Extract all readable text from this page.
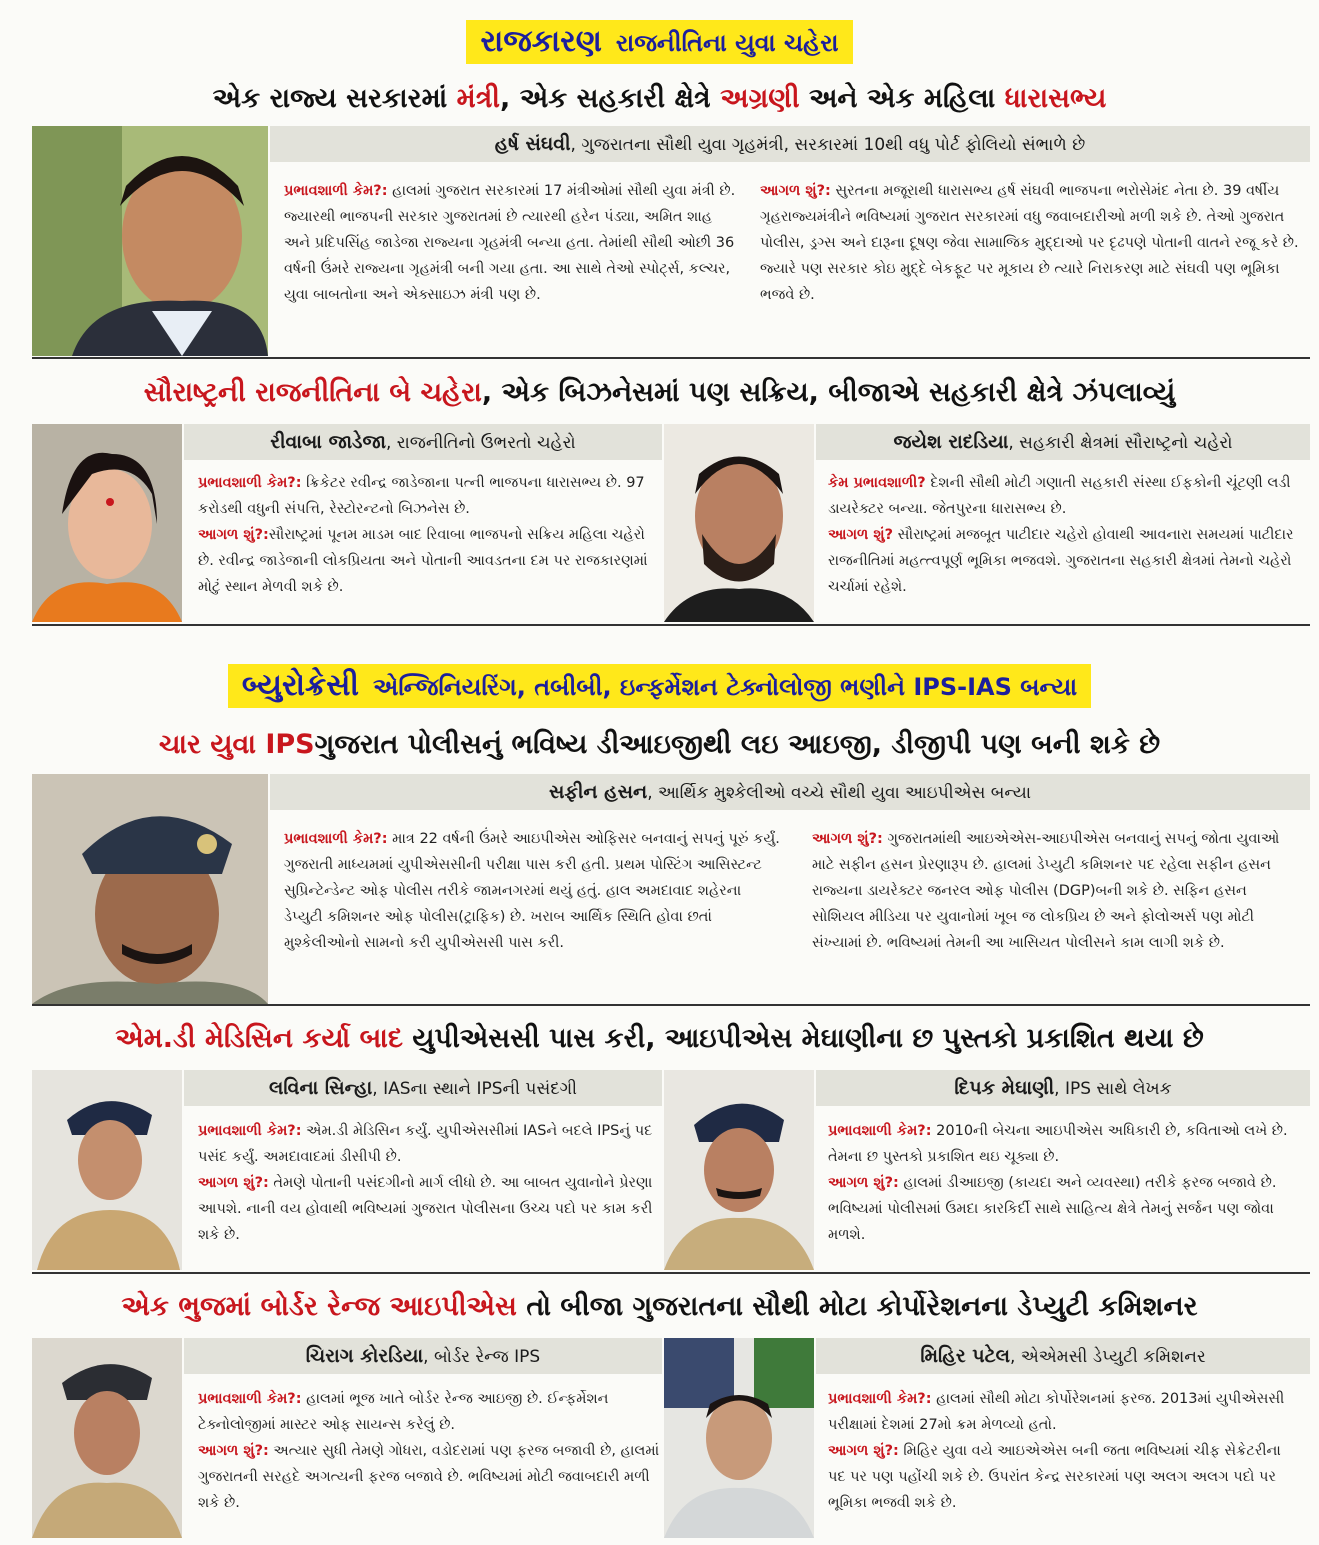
રાજકારણ રાજનીતિના યુવા ચહેરા
એક રાજ્ય સરકારમાં મંત્રી, એક સહકારી ક્ષેત્રે અગ્રણી અને એક મહિલા ધારાસભ્ય
હર્ષ સંઘવી, ગુજરાતના સૌથી યુવા ગૃહમંત્રી, સરકારમાં 10થી વધુ પોર્ટ ફોલિયો સંભાળે છે

પ્રભાવશાળી કેમ?: હાલમાં ગુજરાત સરકારમાં 17 મંત્રીઓમાં સૌથી યુવા મંત્રી છે. જ્યારથી ભાજપની સરકાર ગુજરાતમાં છે ત્યારથી હરેન પંડ્યા, અમિત શાહ અને પ્રદિપસિંહ જાડેજા રાજ્યના ગૃહમંત્રી બન્યા હતા. તેમાંથી સૌથી ઓછી 36 વર્ષની ઉંમરે રાજ્યના ગૃહમંત્રી બની ગયા હતા. આ સાથે તેઓ સ્પોર્ટ્સ, કલ્ચર, યુવા બાબતોના અને એક્સાઇઝ મંત્રી પણ છે.

આગળ શું?: સુરતના મજૂરાથી ધારાસભ્ય હર્ષ સંઘવી ભાજપના ભરોસેમંદ નેતા છે. 39 વર્ષીય ગૃહરાજ્યમંત્રીને ભવિષ્યમાં ગુજરાત સરકારમાં વધુ જવાબદારીઓ મળી શકે છે. તેઓ ગુજરાત પોલીસ, ડ્રગ્સ અને દારૂના દૂષણ જેવા સામાજિક મુદ્દાઓ પર દૃઢપણે પોતાની વાતને રજૂ કરે છે. જ્યારે પણ સરકાર કોઇ મુદ્દે બેકફૂટ પર મૂકાય છે ત્યારે નિરાકરણ માટે સંઘવી પણ ભૂમિકા ભજવે છે.

સૌરાષ્ટ્રની રાજનીતિના બે ચહેરા, એક બિઝનેસમાં પણ સક્રિય, બીજાએ સહકારી ક્ષેત્રે ઝંપલાવ્યું
રીવાબા જાડેજા, રાજનીતિનો ઉભરતો ચહેરો

પ્રભાવશાળી કેમ?: ક્રિકેટર રવીન્દ્ર જાડેજાના પત્ની ભાજપના ધારાસભ્ય છે. 97 કરોડથી વધુની સંપત્તિ, રેસ્ટોરન્ટનો બિઝનેસ છે.

આગળ શું?:સૌરાષ્ટ્રમાં પૂનમ માડમ બાદ રિવાબા ભાજપનો સક્રિય મહિલા ચહેરો છે. રવીન્દ્ર જાડેજાની લોકપ્રિયતા અને પોતાની આવડતના દમ પર રાજકારણમાં મોટું સ્થાન મેળવી શકે છે.

જયેશ રાદડિયા, સહકારી ક્ષેત્રમાં સૌરાષ્ટ્રનો ચહેરો

કેમ પ્રભાવશાળી? દેશની સૌથી મોટી ગણાતી સહકારી સંસ્થા ઈફકોની ચૂંટણી લડી ડાયરેક્ટર બન્યા. જેતપુરના ધારાસભ્ય છે.

આગળ શું? સૌરાષ્ટ્રમાં મજબૂત પાટીદાર ચહેરો હોવાથી આવનારા સમયમાં પાટીદાર રાજનીતિમાં મહત્ત્વપૂર્ણ ભૂમિકા ભજવશે. ગુજરાતના સહકારી ક્ષેત્રમાં તેમનો ચહેરો ચર્ચામાં રહેશે.

બ્યુરોક્રેસી એન્જિનિયરિંગ, તબીબી, ઇન્ફર્મેશન ટેક્નોલોજી ભણીને IPS-IAS બન્યા
ચાર યુવા IPSગુજરાત પોલીસનું ભવિષ્ય ડીઆઇજીથી લઇ આઇજી, ડીજીપી પણ બની શકે છે
સફીન હસન, આર્થિક મુશ્કેલીઓ વચ્ચે સૌથી યુવા આઇપીએસ બન્યા

પ્રભાવશાળી કેમ?: માત્ર 22 વર્ષની ઉંમરે આઇપીએસ ઓફિસર બનવાનું સપનું પૂરું કર્યું. ગુજરાતી માધ્યમમાં યુપીએસસીની પરીક્ષા પાસ કરી હતી. પ્રથમ પોસ્ટિંગ આસિસ્ટન્ટ સુપ્રિન્ટેન્ડેન્ટ ઓફ પોલીસ તરીકે જામનગરમાં થયું હતું. હાલ અમદાવાદ શહેરના ડેપ્યુટી કમિશનર ઓફ પોલીસ(ટ્રાફિક) છે. ખરાબ આર્થિક સ્થિતિ હોવા છતાં મુશ્કેલીઓનો સામનો કરી યુપીએસસી પાસ કરી.

આગળ શું?: ગુજરાતમાંથી આઇએએસ-આઇપીએસ બનવાનું સપનું જોતા યુવાઓ માટે સફીન હસન પ્રેરણારૂપ છે. હાલમાં ડેપ્યુટી કમિશનર પદ રહેલા સફીન હસન રાજ્યના ડાયરેક્ટર જનરલ ઓફ પોલીસ (DGP)બની શકે છે. સફિન હસન સોશિયલ મીડિયા પર યુવાનોમાં ખૂબ જ લોકપ્રિય છે અને ફોલોઅર્સ પણ મોટી સંખ્યામાં છે. ભવિષ્યમાં તેમની આ ખાસિયત પોલીસને કામ લાગી શકે છે.

એમ.ડી મેડિસિન કર્યા બાદ યુપીએસસી પાસ કરી, આઇપીએસ મેઘાણીના છ પુસ્તકો પ્રકાશિત થયા છે
લવિના સિન્હા, IASના સ્થાને IPSની પસંદગી

પ્રભાવશાળી કેમ?: એમ.ડી મેડિસિન કર્યું. યુપીએસસીમાં IASને બદલે IPSનું પદ પસંદ કર્યું. અમદાવાદમાં ડીસીપી છે.

આગળ શું?: તેમણે પોતાની પસંદગીનો માર્ગ લીધો છે. આ બાબત યુવાનોને પ્રેરણા આપશે. નાની વય હોવાથી ભવિષ્યમાં ગુજરાત પોલીસના ઉચ્ચ પદો પર કામ કરી શકે છે.

દિપક મેઘાણી, IPS સાથે લેખક

પ્રભાવશાળી કેમ?: 2010ની બેચના આઇપીએસ અધિકારી છે, કવિતાઓ લખે છે. તેમના છ પુસ્તકો પ્રકાશિત થઇ ચૂક્યા છે.

આગળ શું?: હાલમાં ડીઆઇજી (કાયદા અને વ્યવસ્થા) તરીકે ફરજ બજાવે છે. ભવિષ્યમાં પોલીસમાં ઉમદા કારકિર્દી સાથે સાહિત્ય ક્ષેત્રે તેમનું સર્જન પણ જોવા મળશે.

એક ભુજમાં બોર્ડર રેન્જ આઇપીએસ તો બીજા ગુજરાતના સૌથી મોટા કોર્પોરેશનના ડેપ્યુટી કમિશનર
ચિરાગ કોરડિયા, બોર્ડર રેન્જ IPS

પ્રભાવશાળી કેમ?: હાલમાં ભૂજ ખાતે બોર્ડર રેન્જ આઇજી છે. ઈન્ફર્મેશન ટેક્નોલોજીમાં માસ્ટર ઓફ સાયન્સ કરેલું છે.

આગળ શું?: અત્યાર સુધી તેમણે ગોધરા, વડોદરામાં પણ ફરજ બજાવી છે, હાલમાં ગુજરાતની સરહદે અગત્યની ફરજ બજાવે છે. ભવિષ્યમાં મોટી જવાબદારી મળી શકે છે.

મિહિર પટેલ, એએમસી ડેપ્યુટી કમિશનર

પ્રભાવશાળી કેમ?: હાલમાં સૌથી મોટા કોર્પોરેશનમાં ફરજ. 2013માં યુપીએસસી પરીક્ષામાં દેશમાં 27મો ક્રમ મેળવ્યો હતો.

આગળ શું?: મિહિર યુવા વયે આઇએએસ બની જતા ભવિષ્યમાં ચીફ સેક્રેટરીના પદ પર પણ પહોંચી શકે છે. ઉપરાંત કેન્દ્ર સરકારમાં પણ અલગ અલગ પદો પર ભૂમિકા ભજવી શકે છે.
